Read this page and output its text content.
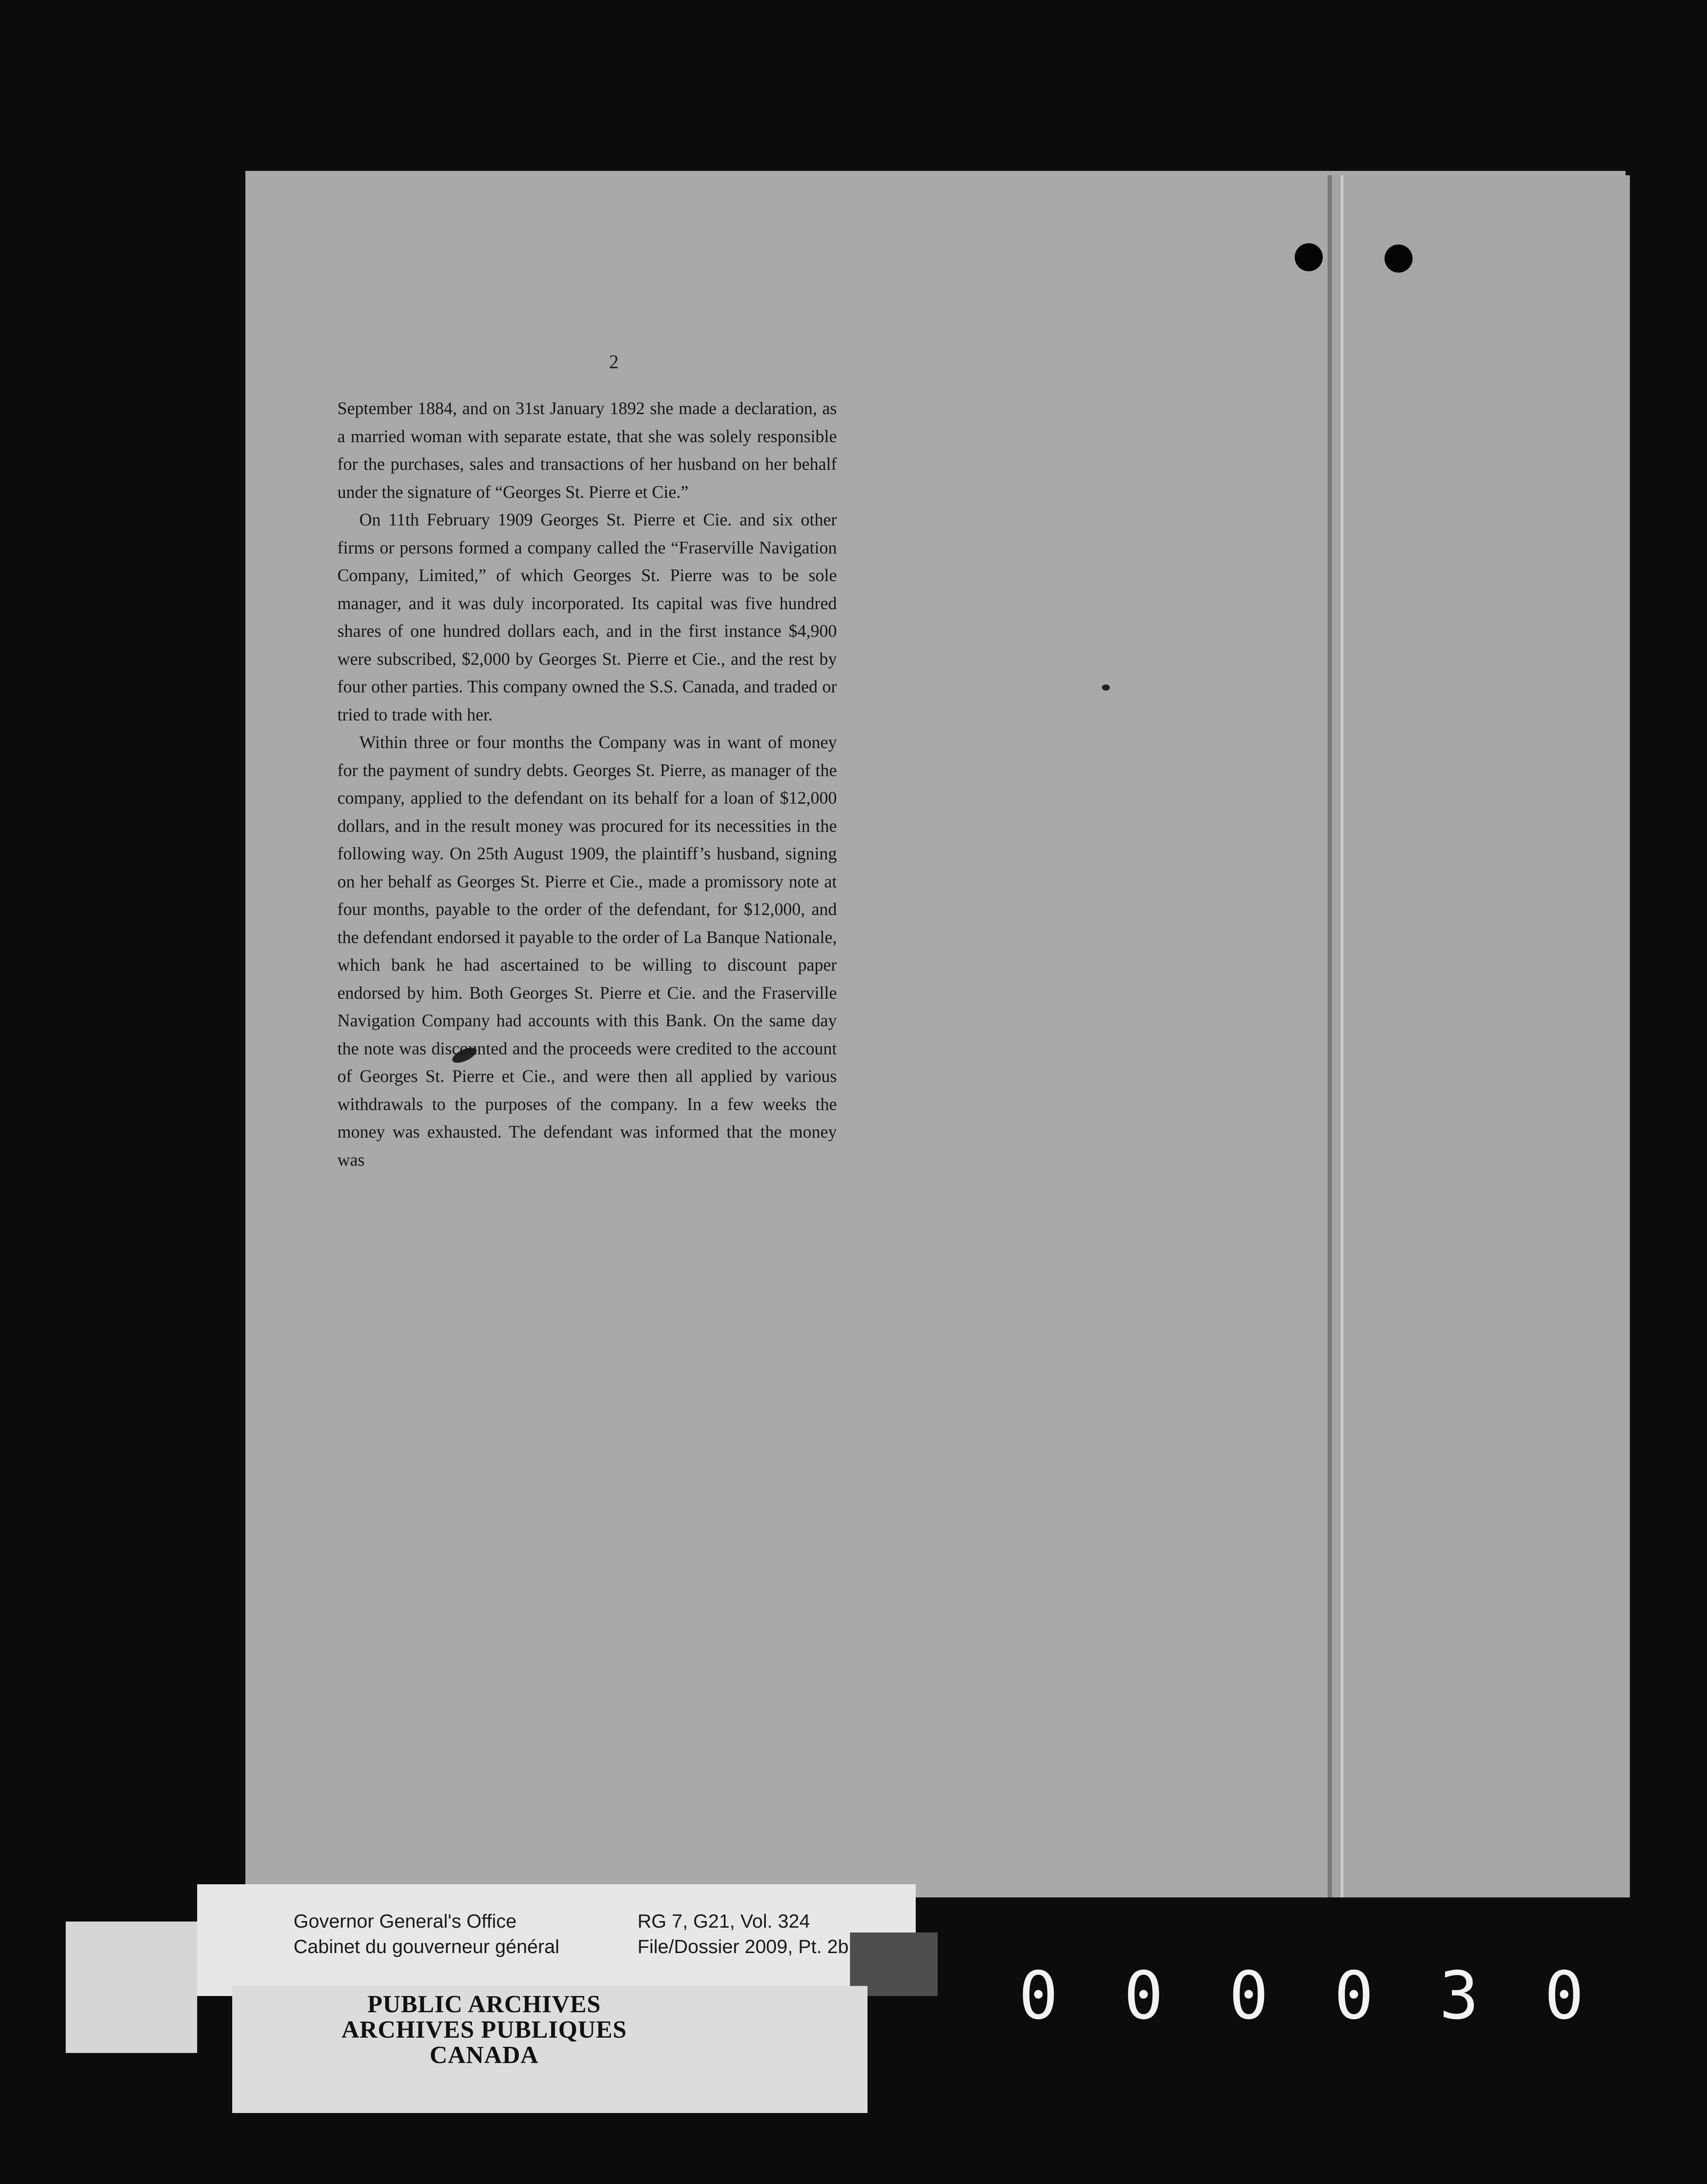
2

September 1884, and on 31st January 1892 she made a declaration, as a married woman with separate estate, that she was solely responsible for the purchases, sales and transactions of her husband on her behalf under the signature of “Georges St. Pierre et Cie.”

On 11th February 1909 Georges St. Pierre et Cie. and six other firms or persons formed a company called the “Fraserville Navigation Company, Limited,” of which Georges St. Pierre was to be sole manager, and it was duly incorporated. Its capital was five hundred shares of one hundred dollars each, and in the first instance $4,900 were subscribed, $2,000 by Georges St. Pierre et Cie., and the rest by four other parties. This company owned the S.S. Canada, and traded or tried to trade with her.

Within three or four months the Company was in want of money for the payment of sundry debts. Georges St. Pierre, as manager of the company, applied to the defendant on its behalf for a loan of $12,000 dollars, and in the result money was procured for its necessities in the following way. On 25th August 1909, the plaintiff’s husband, signing on her behalf as Georges St. Pierre et Cie., made a promissory note at four months, payable to the order of the defendant, for $12,000, and the defendant endorsed it payable to the order of La Banque Nationale, which bank he had ascertained to be willing to discount paper endorsed by him. Both Georges St. Pierre et Cie. and the Fraserville Navigation Company had accounts with this Bank. On the same day the note was discounted and the proceeds were credited to the account of Georges St. Pierre et Cie., and were then all applied by various withdrawals to the purposes of the company. In a few weeks the money was exhausted. The defendant was informed that the money was

Governor General's Office
Cabinet du gouverneur général
RG 7, G21, Vol. 324
File/Dossier 2009, Pt. 2b
PUBLIC ARCHIVES
ARCHIVES PUBLIQUES
CANADA
0 0 0 0 3 0
